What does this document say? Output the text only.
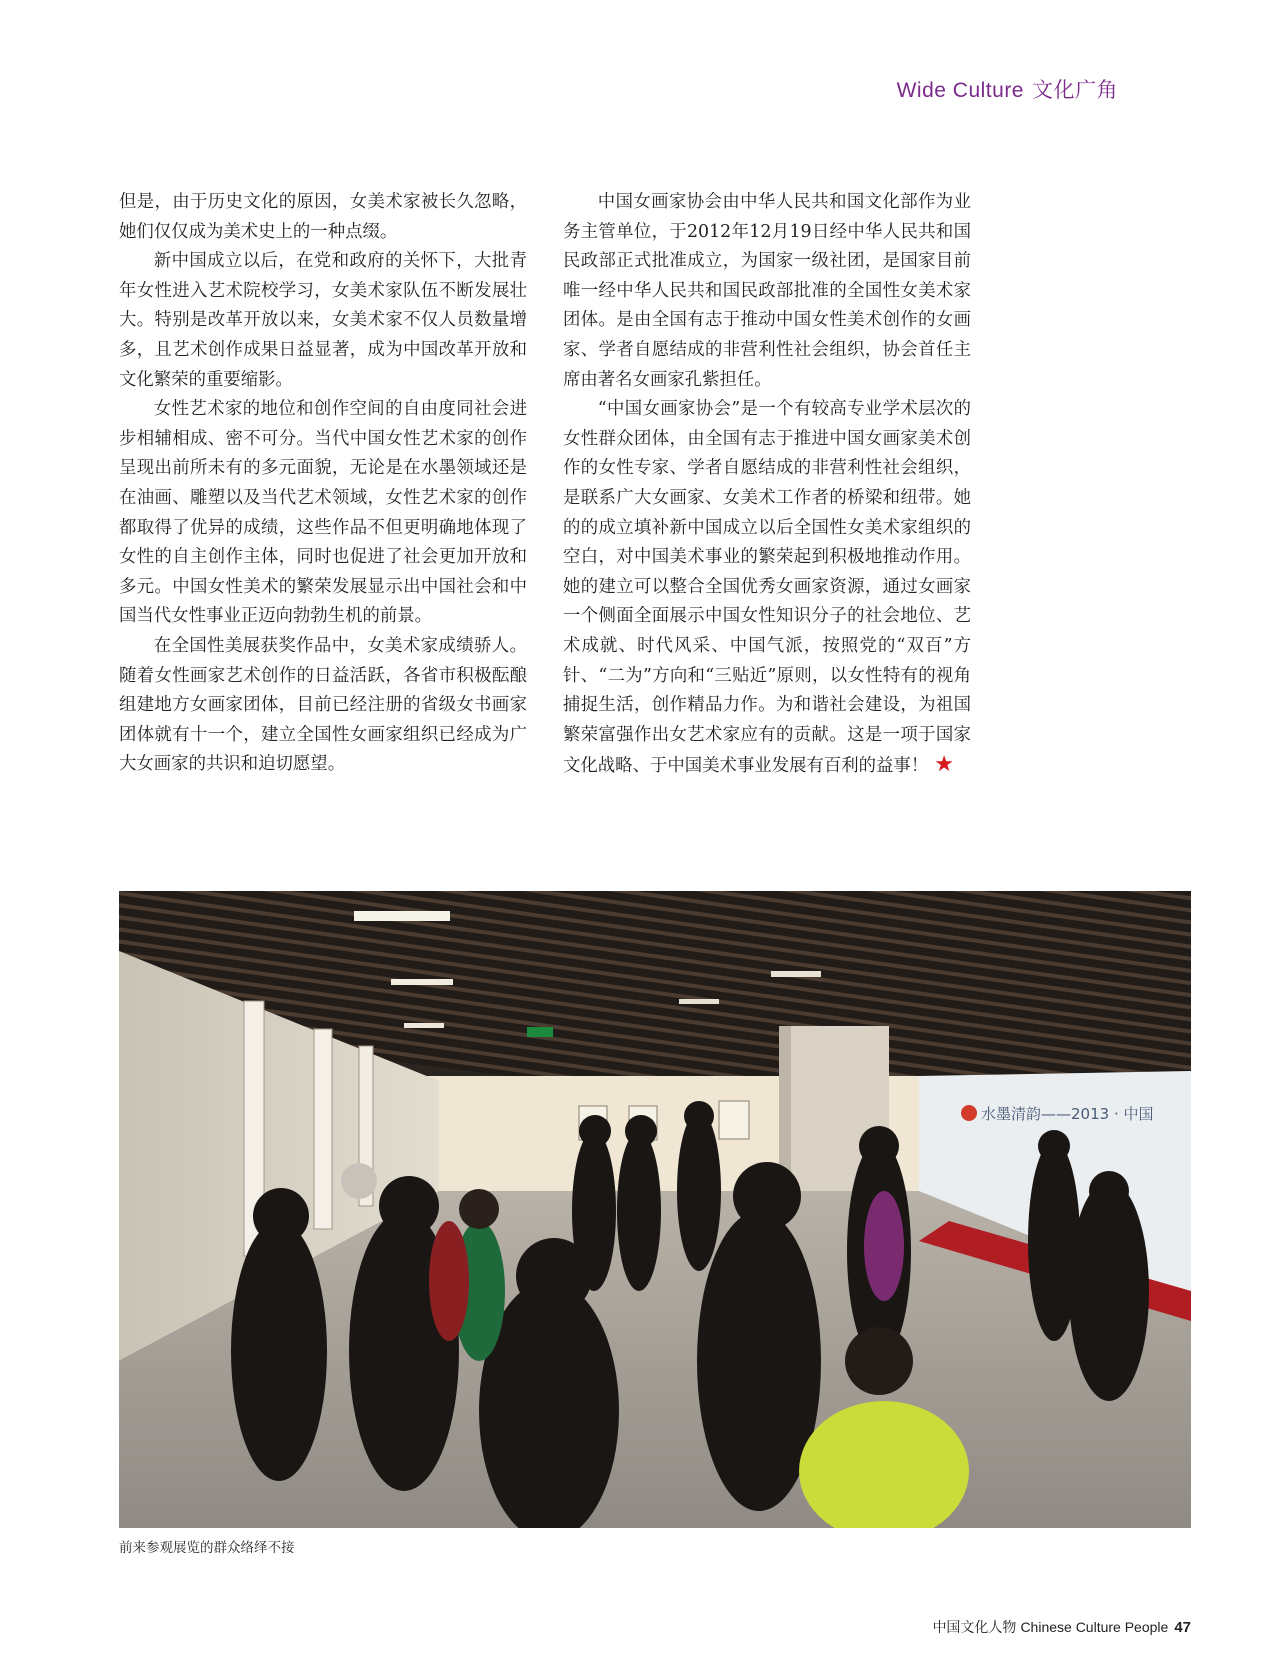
Wide Culture 文化广角

但是，由于历史文化的原因，女美术家被长久忽略，她们仅仅成为美术史上的一种点缀。

新中国成立以后，在党和政府的关怀下，大批青年女性进入艺术院校学习，女美术家队伍不断发展壮大。特别是改革开放以来，女美术家不仅人员数量增多，且艺术创作成果日益显著，成为中国改革开放和文化繁荣的重要缩影。

女性艺术家的地位和创作空间的自由度同社会进步相辅相成、密不可分。当代中国女性艺术家的创作呈现出前所未有的多元面貌，无论是在水墨领域还是在油画、雕塑以及当代艺术领域，女性艺术家的创作都取得了优异的成绩，这些作品不但更明确地体现了女性的自主创作主体，同时也促进了社会更加开放和多元。中国女性美术的繁荣发展显示出中国社会和中国当代女性事业正迈向勃勃生机的前景。

在全国性美展获奖作品中，女美术家成绩骄人。随着女性画家艺术创作的日益活跃，各省市积极酝酿组建地方女画家团体，目前已经注册的省级女书画家团体就有十一个，建立全国性女画家组织已经成为广大女画家的共识和迫切愿望。

中国女画家协会由中华人民共和国文化部作为业务主管单位，于2012年12月19日经中华人民共和国民政部正式批准成立，为国家一级社团，是国家目前唯一经中华人民共和国民政部批准的全国性女美术家团体。是由全国有志于推动中国女性美术创作的女画家、学者自愿结成的非营利性社会组织，协会首任主席由著名女画家孔紫担任。

“中国女画家协会”是一个有较高专业学术层次的女性群众团体，由全国有志于推进中国女画家美术创作的女性专家、学者自愿结成的非营利性社会组织，是联系广大女画家、女美术工作者的桥梁和纽带。她的的成立填补新中国成立以后全国性女美术家组织的空白，对中国美术事业的繁荣起到积极地推动作用。她的建立可以整合全国优秀女画家资源，通过女画家一个侧面全面展示中国女性知识分子的社会地位、艺术成就、时代风采、中国气派，按照党的“双百”方针、“二为”方向和“三贴近”原则，以女性特有的视角捕捉生活，创作精品力作。为和谐社会建设，为祖国繁荣富强作出女艺术家应有的贡献。这是一项于国家文化战略、于中国美术事业发展有百利的益事！ ★

水墨清韵——2013 · 中国
前来参观展览的群众络绎不接
中国文化人物 Chinese Culture People 47
